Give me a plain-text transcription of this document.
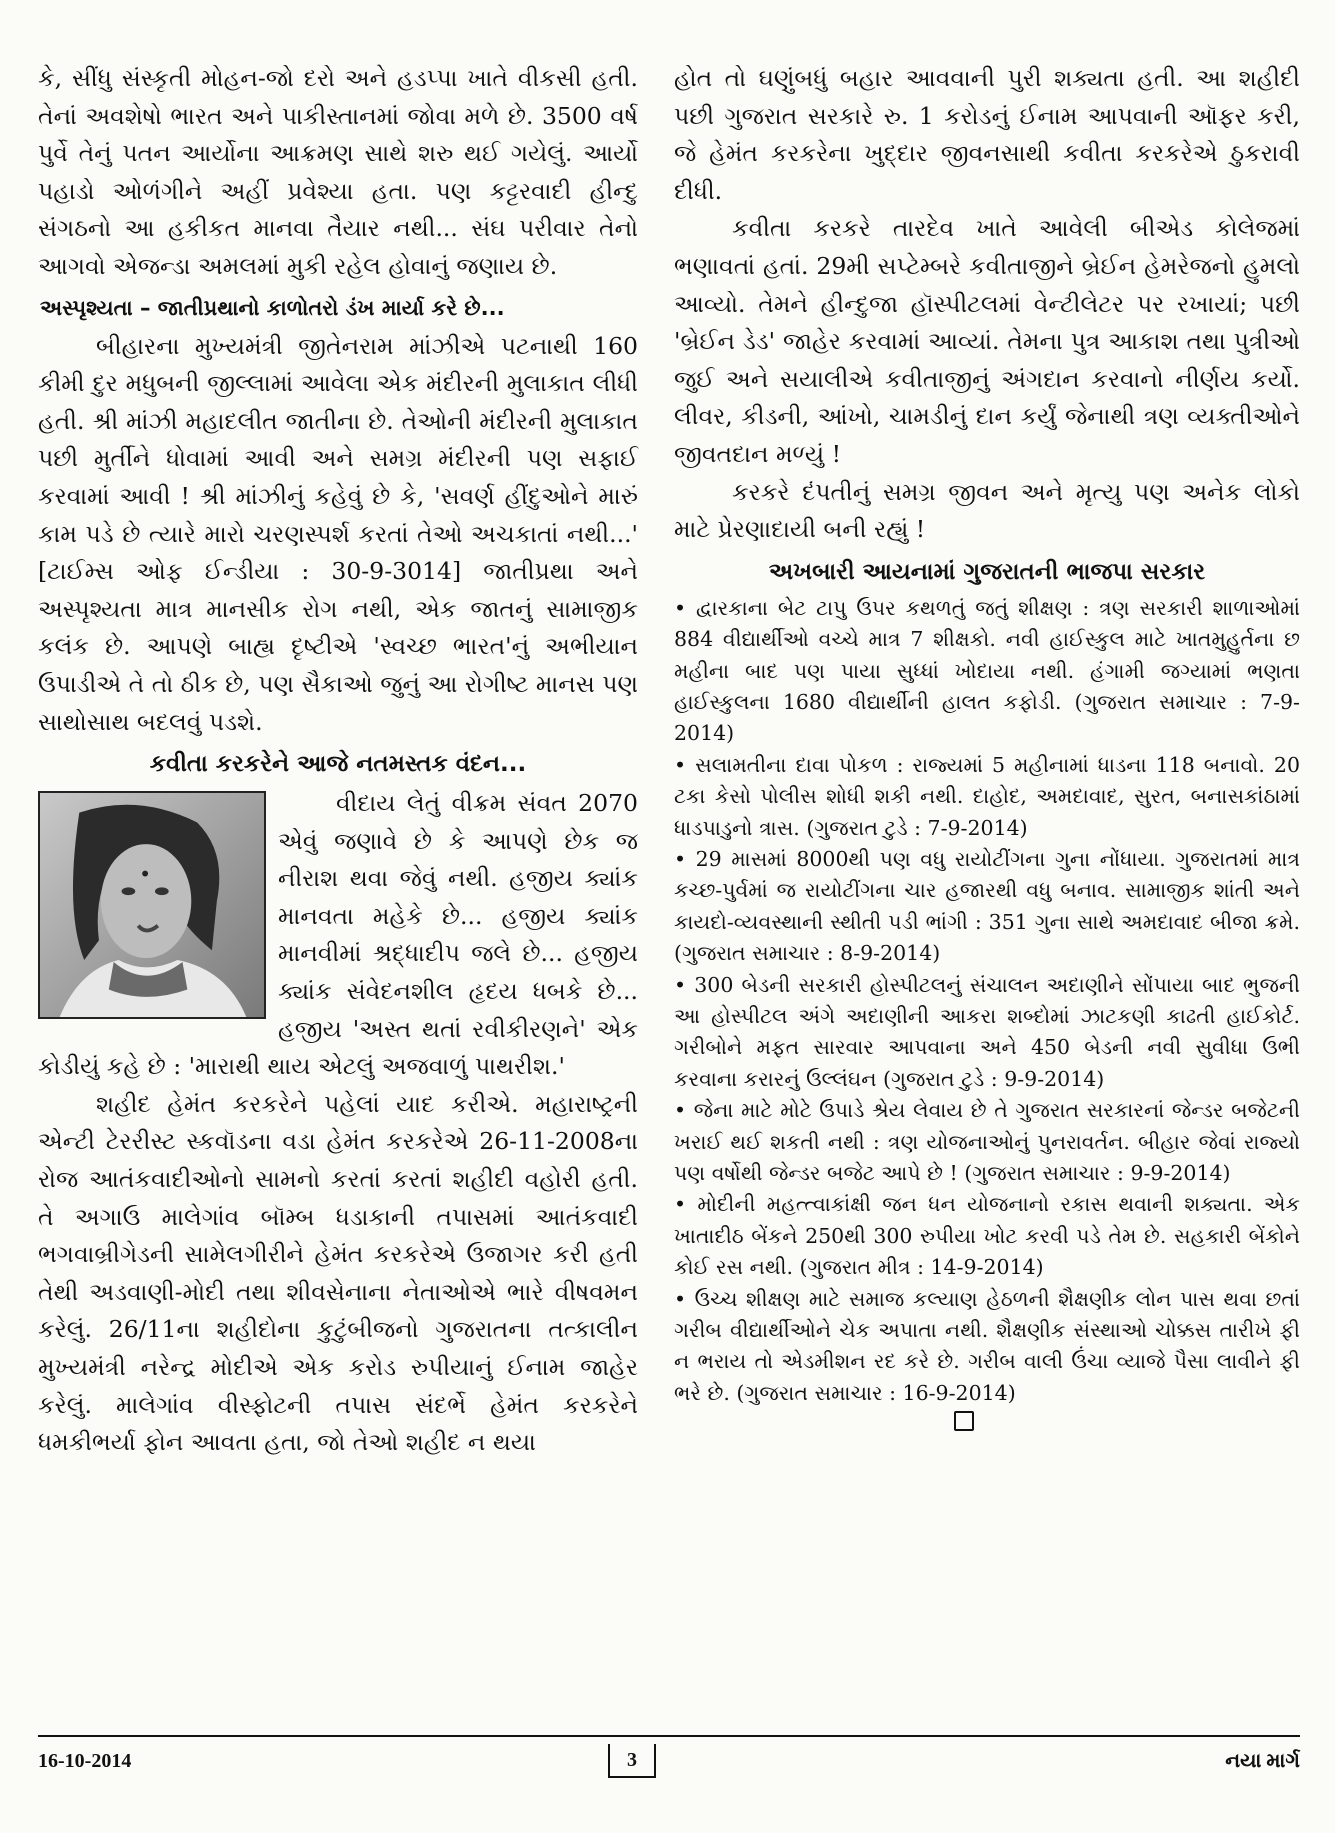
કે, સીંધુ સંસ્કૃતી મોહન-જો દરો અને હડપ્પા ખાતે વીકસી હતી. તેનાં અવશેષો ભારત અને પાકીસ્તાનમાં જોવા મળે છે. 3500 વર્ષ પુર્વે તેનું પતન આર્યોના આક્રમણ સાથે શરુ થઈ ગયેલું. આર્યો પહાડો ઓળંગીને અહીં પ્રવેશ્યા હતા. પણ કટ્ટરવાદી હીન્દુ સંગઠનો આ હકીકત માનવા તૈયાર નથી... સંઘ પરીવાર તેનો આગવો એજન્ડા અમલમાં મુકી રહેલ હોવાનું જણાય છે.

અસ્પૃશ્યતા – જાતીપ્રથાનો કાળોતરો ડંખ માર્યા કરે છે...

બીહારના મુખ્યમંત્રી જીતેનરામ માંઝીએ પટનાથી 160 કીમી દુર મધુબની જીલ્લામાં આવેલા એક મંદીરની મુલાકાત લીધી હતી. શ્રી માંઝી મહાદલીત જાતીના છે. તેઓની મંદીરની મુલાકાત પછી મુર્તીને ધોવામાં આવી અને સમગ્ર મંદીરની પણ સફાઈ કરવામાં આવી ! શ્રી માંઝીનું કહેવું છે કે, 'સવર્ણ હીંદુઓને મારું કામ પડે છે ત્યારે મારો ચરણસ્પર્શ કરતાં તેઓ અચકાતાં નથી...' [ટાઈમ્સ ઓફ ઈન્ડીયા : 30-9-3014] જાતીપ્રથા અને અસ્પૃશ્યતા માત્ર માનસીક રોગ નથી, એક જાતનું સામાજીક કલંક છે. આપણે બાહ્ય દૃષ્ટીએ 'સ્વચ્છ ભારત'નું અભીયાન ઉપાડીએ તે તો ઠીક છે, પણ સૈકાઓ જુનું આ રોગીષ્ટ માનસ પણ સાથોસાથ બદલવું પડશે.

કવીતા કરકરેને આજે નતમસ્તક વંદન...

વીદાય લેતું વીક્રમ સંવત 2070 એવું જણાવે છે કે આપણે છેક જ નીરાશ થવા જેવું નથી. હજીય ક્યાંક માનવતા મહેકે છે... હજીય ક્યાંક માનવીમાં શ્રદ્ધાદીપ જલે છે... હજીય ક્યાંક સંવેદનશીલ હૃદય ધબકે છે... હજીય 'અસ્ત થતાં રવીકીરણને' એક કોડીયું કહે છે : 'મારાથી થાય એટલું અજવાળું પાથરીશ.'

શહીદ હેમંત કરકરેને પહેલાં યાદ કરીએ. મહારાષ્ટ્રની એન્ટી ટેરરીસ્ટ સ્કવૉડના વડા હેમંત કરકરેએ 26-11-2008ના રોજ આતંકવાદીઓનો સામનો કરતાં કરતાં શહીદી વહોરી હતી. તે અગાઉ માલેગાંવ બૉમ્બ ધડાકાની તપાસમાં આતંકવાદી ભગવાબ્રીગેડની સામેલગીરીને હેમંત કરકરેએ ઉજાગર કરી હતી તેથી અડવાણી-મોદી તથા શીવસેનાના નેતાઓએ ભારે વીષવમન કરેલું. 26/11ના શહીદોના કુટુંબીજનો ગુજરાતના તત્કાલીન મુખ્યમંત્રી નરેન્દ્ર મોદીએ એક કરોડ રુપીયાનું ઈનામ જાહેર કરેલું. માલેગાંવ વીસ્ફોટની તપાસ સંદર્ભે હેમંત કરકરેને ધમકીભર્યા ફોન આવતા હતા, જો તેઓ શહીદ ન થયા

હોત તો ઘણુંબધું બહાર આવવાની પુરી શક્યતા હતી. આ શહીદી પછી ગુજરાત સરકારે રુ. 1 કરોડનું ઈનામ આપવાની ઑફર કરી, જે હેમંત કરકરેના ખુદ્દાર જીવનસાથી કવીતા કરકરેએ ઠુકરાવી દીધી.

કવીતા કરકરે તારદેવ ખાતે આવેલી બીએડ કોલેજમાં ભણાવતાં હતાં. 29મી સપ્ટેમ્બરે કવીતાજીને બ્રેઈન હેમરેજનો હુમલો આવ્યો. તેમને હીન્દુજા હૉસ્પીટલમાં વેન્ટીલેટર પર રખાયાં; પછી 'બ્રેઈન ડેડ' જાહેર કરવામાં આવ્યાં. તેમના પુત્ર આકાશ તથા પુત્રીઓ જુઈ અને સયાલીએ કવીતાજીનું અંગદાન કરવાનો નીર્ણય કર્યો. લીવર, કીડની, આંખો, ચામડીનું દાન કર્યું જેનાથી ત્રણ વ્યક્તીઓને જીવતદાન મળ્યું !

કરકરે દંપતીનું સમગ્ર જીવન અને મૃત્યુ પણ અનેક લોકો માટે પ્રેરણાદાયી બની રહ્યું !

અખબારી આયનામાં ગુજરાતની ભાજપા સરકાર

• દ્વારકાના બેટ ટાપુ ઉપર કથળતું જતું શીક્ષણ : ત્રણ સરકારી શાળાઓમાં 884 વીદ્યાર્થીઓ વચ્ચે માત્ર 7 શીક્ષકો. નવી હાઈસ્કુલ માટે ખાતમુહુર્તના છ મહીના બાદ પણ પાયા સુધ્ધાં ખોદાયા નથી. હંગામી જગ્યામાં ભણતા હાઈસ્કુલના 1680 વીદ્યાર્થીની હાલત કફોડી. (ગુજરાત સમાચાર : 7-9-2014)

• સલામતીના દાવા પોકળ : રાજ્યમાં 5 મહીનામાં ધાડના 118 બનાવો. 20 ટકા કેસો પોલીસ શોધી શકી નથી. દાહોદ, અમદાવાદ, સુરત, બનાસકાંઠામાં ધાડપાડુનો ત્રાસ. (ગુજરાત ટુડે : 7-9-2014)

• 29 માસમાં 8000થી પણ વધુ રાયોટીંગના ગુના નોંધાયા. ગુજરાતમાં માત્ર કચ્છ-પુર્વમાં જ રાયોટીંગના ચાર હજારથી વધુ બનાવ. સામાજીક શાંતી અને કાયદો-વ્યવસ્થાની સ્થીતી પડી ભાંગી : 351 ગુના સાથે અમદાવાદ બીજા ક્રમે. (ગુજરાત સમાચાર : 8-9-2014)

• 300 બેડની સરકારી હોસ્પીટલનું સંચાલન અદાણીને સોંપાયા બાદ ભુજની આ હોસ્પીટલ અંગે અદાણીની આકરા શબ્દોમાં ઝાટકણી કાઢતી હાઈકોર્ટ. ગરીબોને મફત સારવાર આપવાના અને 450 બેડની નવી સુવીધા ઉભી કરવાના કરારનું ઉલ્લંઘન (ગુજરાત ટુડે : 9-9-2014)

• જેના માટે મોટે ઉપાડે શ્રેય લેવાય છે તે ગુજરાત સરકારનાં જેન્ડર બજેટની ખરાઈ થઈ શકતી નથી : ત્રણ યોજનાઓનું પુનરાવર્તન. બીહાર જેવાં રાજ્યો પણ વર્ષોથી જેન્ડર બજેટ આપે છે ! (ગુજરાત સમાચાર : 9-9-2014)

• મોદીની મહત્ત્વાકાંક્ષી જન ધન યોજનાનો રકાસ થવાની શક્યતા. એક ખાતાદીઠ બેંકને 250થી 300 રુપીયા ખોટ કરવી પડે તેમ છે. સહકારી બેંકોને કોઈ રસ નથી. (ગુજરાત મીત્ર : 14-9-2014)

• ઉચ્ચ શીક્ષણ માટે સમાજ કલ્યાણ હેઠળની શૈક્ષણીક લોન પાસ થવા છતાં ગરીબ વીદ્યાર્થીઓને ચેક અપાતા નથી. શૈક્ષણીક સંસ્થાઓ ચોક્કસ તારીખે ફી ન ભરાય તો એડમીશન રદ કરે છે. ગરીબ વાલી ઉંચા વ્યાજે પૈસા લાવીને ફી ભરે છે. (ગુજરાત સમાચાર : 16-9-2014)

16-10-2014	3	નયા માર્ગ
